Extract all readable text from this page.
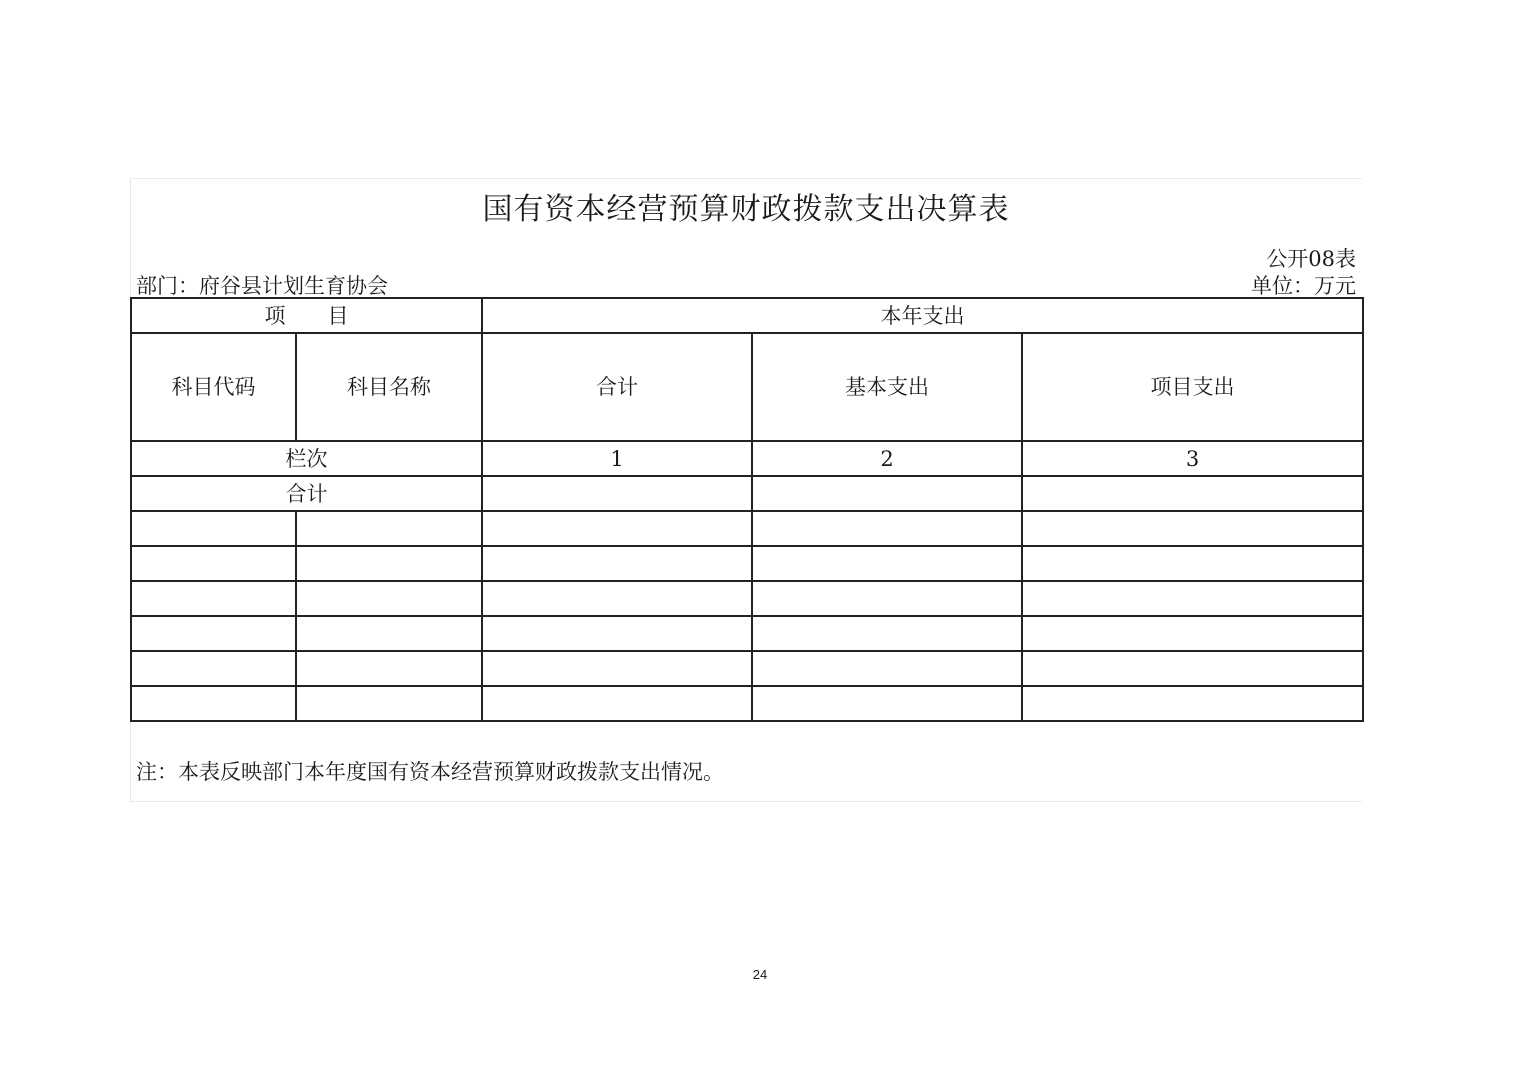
国有资本经营预算财政拨款支出决算表
公开08表
部门：府谷县计划生育协会	单位：万元
项　　目		本年支出		
科目代码	科目名称	合计	基本支出	项目支出
栏次		1	2	3
合计				

注：本表反映部门本年度国有资本经营预算财政拨款支出情况。
24
